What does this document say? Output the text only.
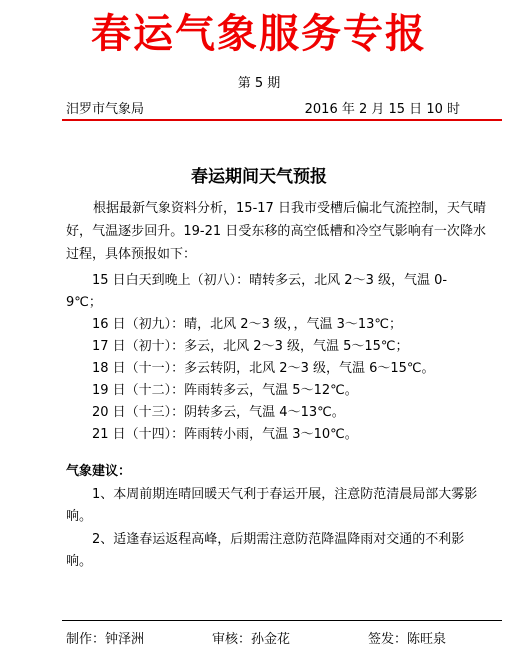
春运气象服务专报
第 5 期
汨罗市气象局	2016 年 2 月 15 日 10 时
春运期间天气预报
根据最新气象资料分析，15-17 日我市受槽后偏北气流控制，天气晴好，气温逐步回升。19-21 日受东移的高空低槽和冷空气影响有一次降水过程，具体预报如下：
15 日白天到晚上（初八）：晴转多云，北风 2～3 级，气温 0-9℃；
16 日（初九）：晴，北风 2～3 级，，气温 3～13℃；
17 日（初十）：多云，北风 2～3 级，气温 5～15℃；
18 日（十一）：多云转阴，北风 2～3 级，气温 6～15℃。
19 日（十二）：阵雨转多云，气温 5～12℃。
20 日（十三）：阴转多云，气温 4～13℃。
21 日（十四）：阵雨转小雨，气温 3～10℃。
气象建议：
1、本周前期连晴回暖天气利于春运开展，注意防范清晨局部大雾影响。
2、适逢春运返程高峰，后期需注意防范降温降雨对交通的不利影响。
制作：钟泽洲	审核：孙金花	签发：陈旺泉
